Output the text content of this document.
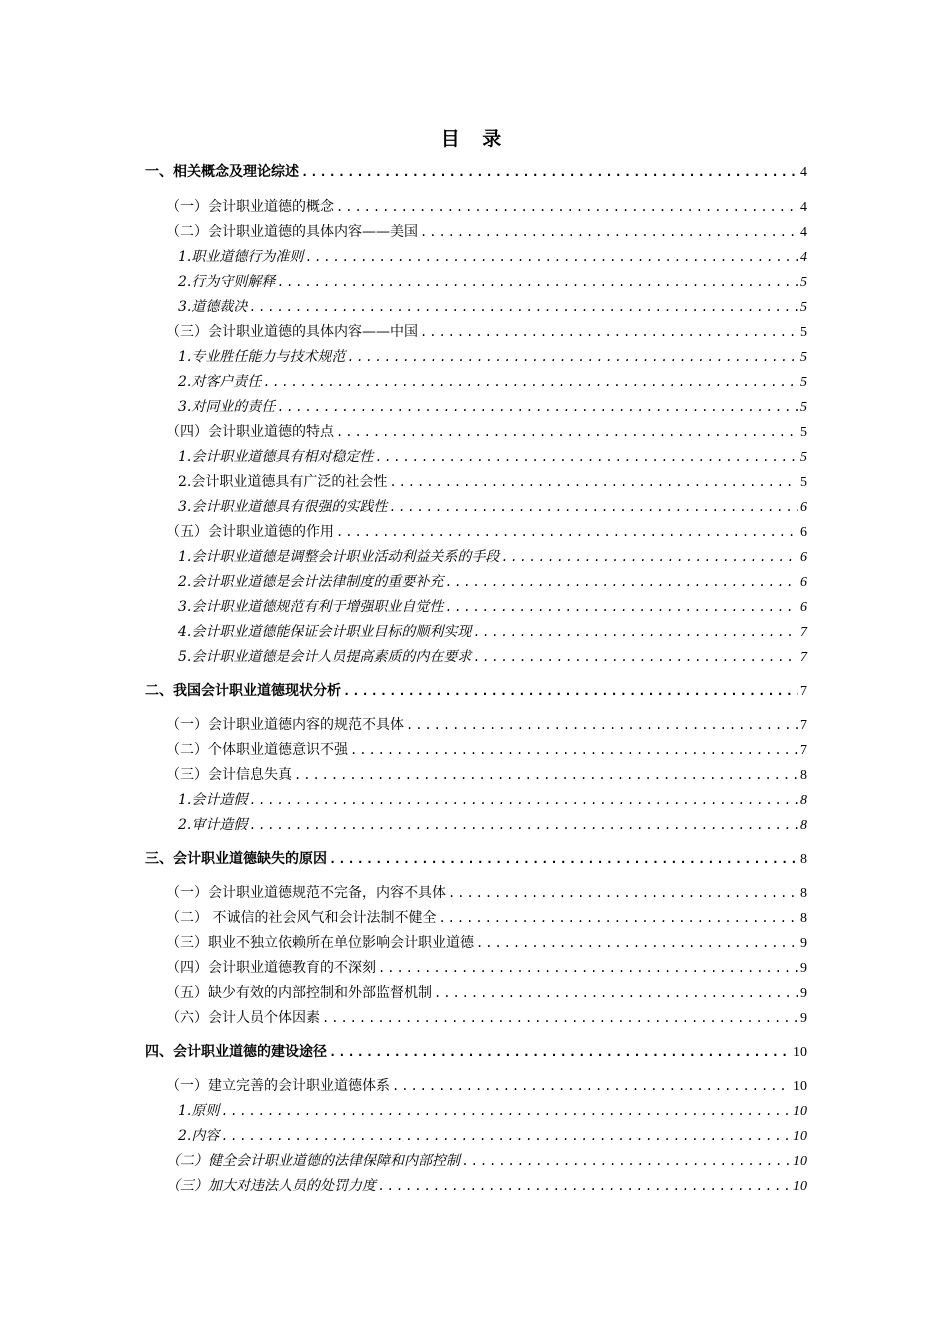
目 录
一、相关概念及理论综述 .....	4
（一）会计职业道德的概念 .....	4
（二）会计职业道德的具体内容——美国 .....	4
1.职业道德行为准则 .....	4
2.行为守则解释 .....	5
3.道德裁决 .....	5
（三）会计职业道德的具体内容——中国 .....	5
1.专业胜任能力与技术规范 .....	5
2.对客户责任 .....	5
3.对同业的责任 .....	5
（四）会计职业道德的特点 .....	5
1.会计职业道德具有相对稳定性 .....	5
2.会计职业道德具有广泛的社会性 .....	5
3.会计职业道德具有很强的实践性 .....	6
（五）会计职业道德的作用 .....	6
1.会计职业道德是调整会计职业活动利益关系的手段 .....	6
2.会计职业道德是会计法律制度的重要补充 .....	6
3.会计职业道德规范有利于增强职业自觉性 .....	6
4.会计职业道德能保证会计职业目标的顺利实现 .....	7
5.会计职业道德是会计人员提高素质的内在要求 .....	7
二、我国会计职业道德现状分析 .....	7
（一）会计职业道德内容的规范不具体 .....	7
（二）个体职业道德意识不强 .....	7
（三）会计信息失真 .....	8
1.会计造假 .....	8
2.审计造假 .....	8
三、会计职业道德缺失的原因 .....	8
（一）会计职业道德规范不完备，内容不具体 .....	8
（二） 不诚信的社会风气和会计法制不健全 .....	8
（三）职业不独立依赖所在单位影响会计职业道德 .....	9
（四）会计职业道德教育的不深刻 .....	9
（五）缺少有效的内部控制和外部监督机制 .....	9
（六）会计人员个体因素 .....	9
四、会计职业道德的建设途径 .....	10
（一）建立完善的会计职业道德体系 .....	10
1.原则 .....	10
2.内容 .....	10
（二）健全会计职业道德的法律保障和内部控制 .....	10
（三）加大对违法人员的处罚力度 .....	10
